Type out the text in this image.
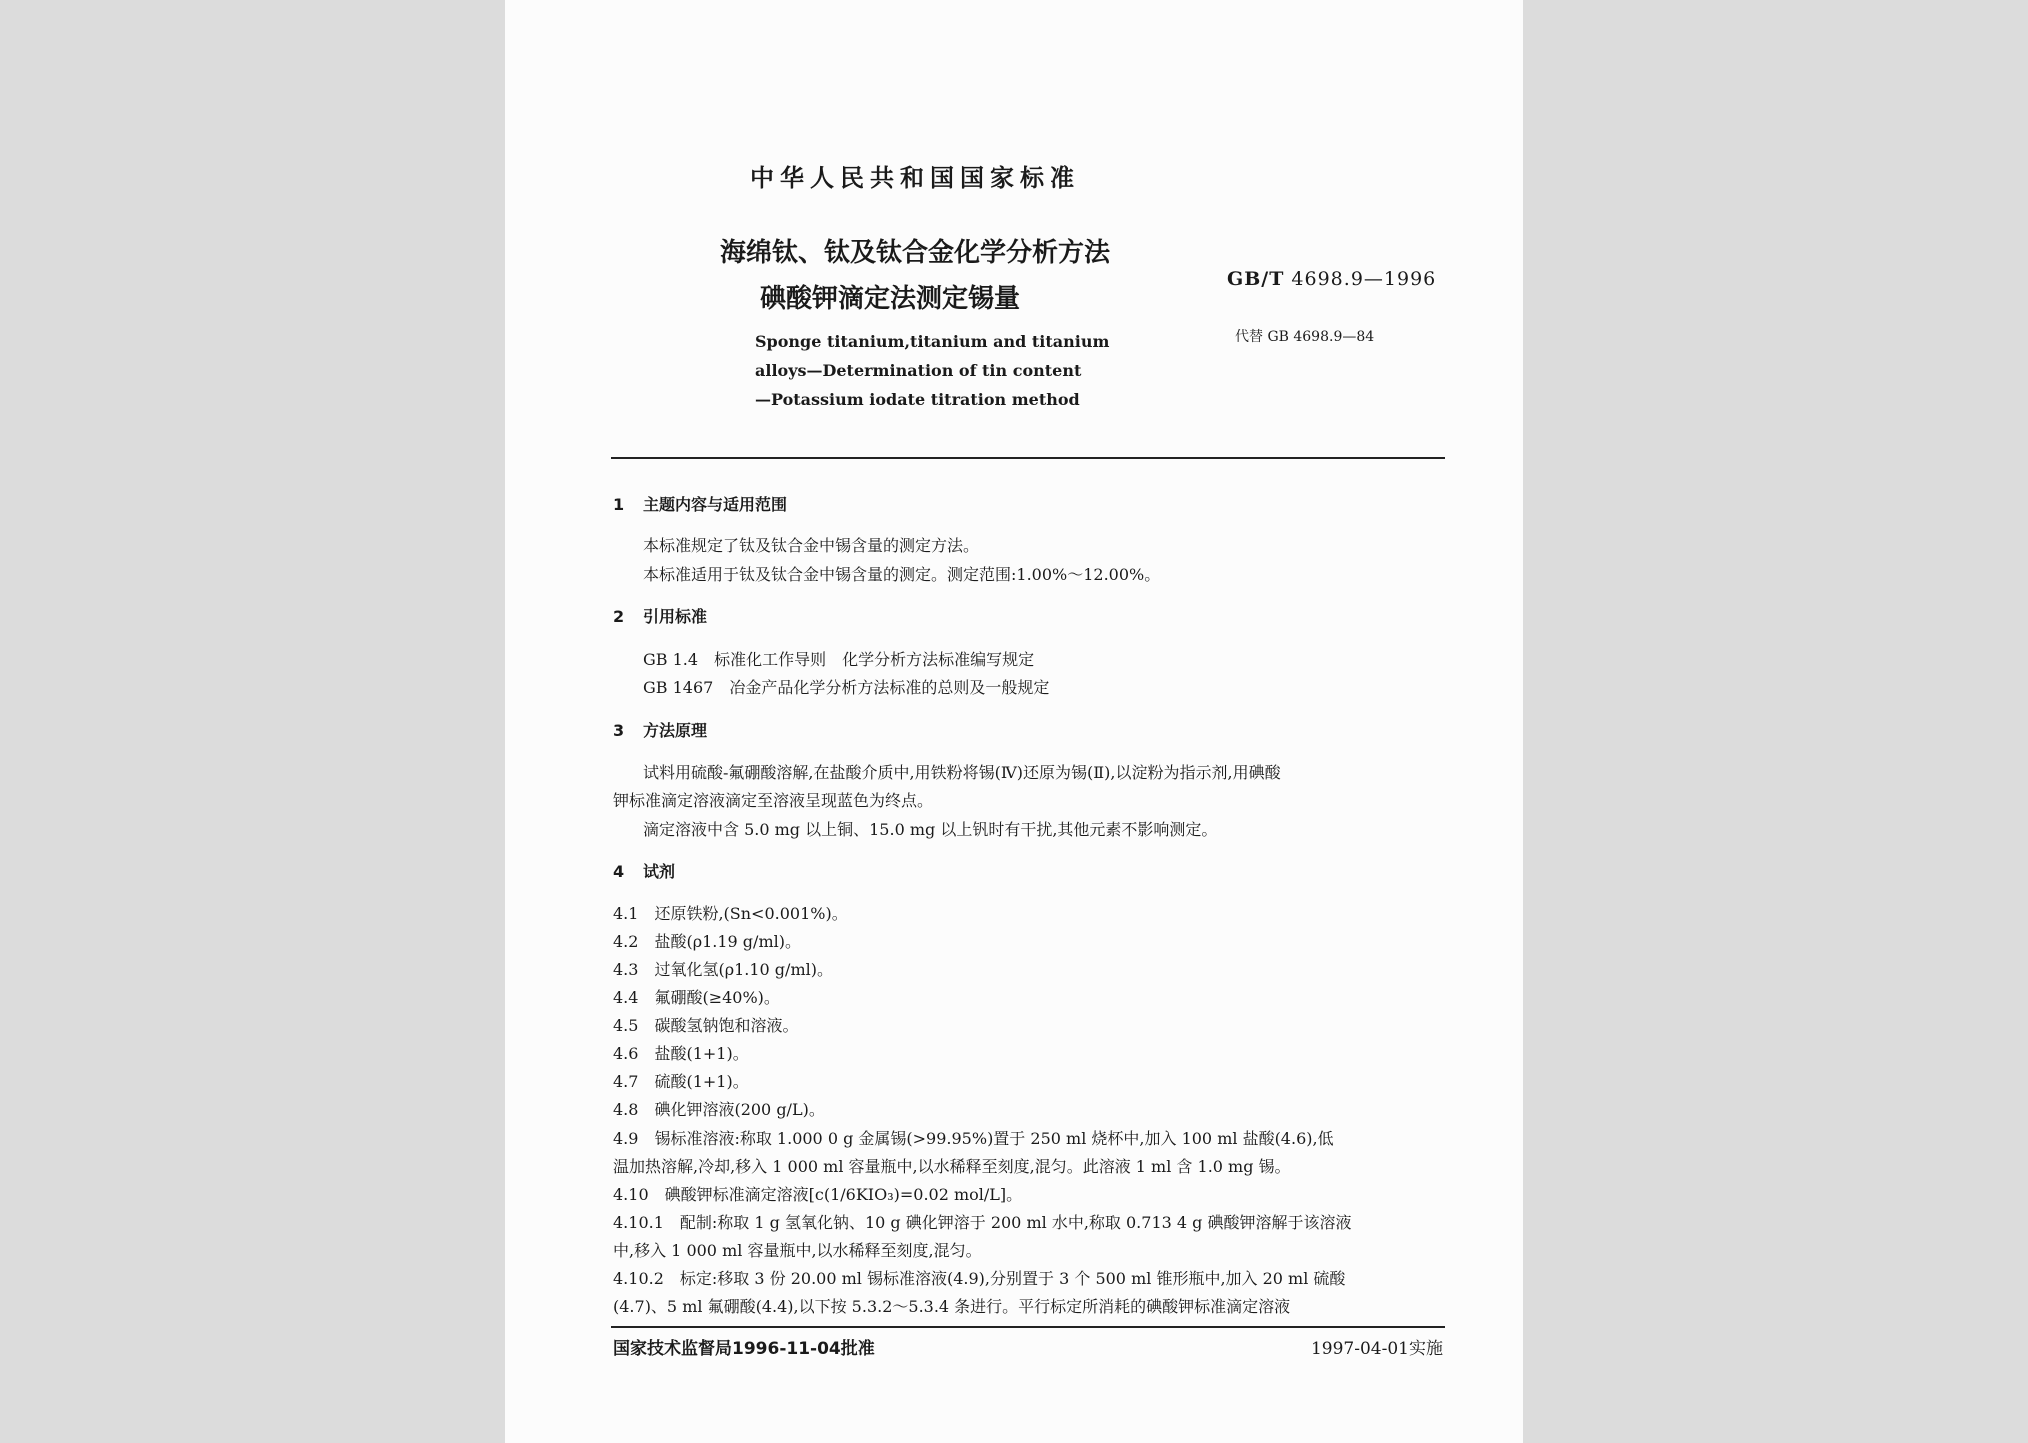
中华人民共和国国家标准
海绵钛、钛及钛合金化学分析方法
碘酸钾滴定法测定锡量
GB/T 4698.9—1996
代替 GB 4698.9—84
Sponge titanium,titanium and titanium
alloys—Determination of tin content
—Potassium iodate titration method
1 主题内容与适用范围
本标准规定了钛及钛合金中锡含量的测定方法。
本标准适用于钛及钛合金中锡含量的测定。测定范围:1.00%～12.00%。
2 引用标准
GB 1.4　标准化工作导则　化学分析方法标准编写规定
GB 1467　冶金产品化学分析方法标准的总则及一般规定
3 方法原理
试料用硫酸-氟硼酸溶解,在盐酸介质中,用铁粉将锡(Ⅳ)还原为锡(Ⅱ),以淀粉为指示剂,用碘酸
钾标准滴定溶液滴定至溶液呈现蓝色为终点。
滴定溶液中含 5.0 mg 以上铜、15.0 mg 以上钒时有干扰,其他元素不影响测定。
4 试剂
4.1　还原铁粉,(Sn<0.001%)。
4.2　盐酸(ρ1.19 g/ml)。
4.3　过氧化氢(ρ1.10 g/ml)。
4.4　氟硼酸(≥40%)。
4.5　碳酸氢钠饱和溶液。
4.6　盐酸(1+1)。
4.7　硫酸(1+1)。
4.8　碘化钾溶液(200 g/L)。
4.9　锡标准溶液:称取 1.000 0 g 金属锡(>99.95%)置于 250 ml 烧杯中,加入 100 ml 盐酸(4.6),低
温加热溶解,冷却,移入 1 000 ml 容量瓶中,以水稀释至刻度,混匀。此溶液 1 ml 含 1.0 mg 锡。
4.10　碘酸钾标准滴定溶液[c(1/6KIO₃)=0.02 mol/L]。
4.10.1　配制:称取 1 g 氢氧化钠、10 g 碘化钾溶于 200 ml 水中,称取 0.713 4 g 碘酸钾溶解于该溶液
中,移入 1 000 ml 容量瓶中,以水稀释至刻度,混匀。
4.10.2　标定:移取 3 份 20.00 ml 锡标准溶液(4.9),分别置于 3 个 500 ml 锥形瓶中,加入 20 ml 硫酸
(4.7)、5 ml 氟硼酸(4.4),以下按 5.3.2～5.3.4 条进行。平行标定所消耗的碘酸钾标准滴定溶液
国家技术监督局1996-11-04批准	1997-04-01实施
